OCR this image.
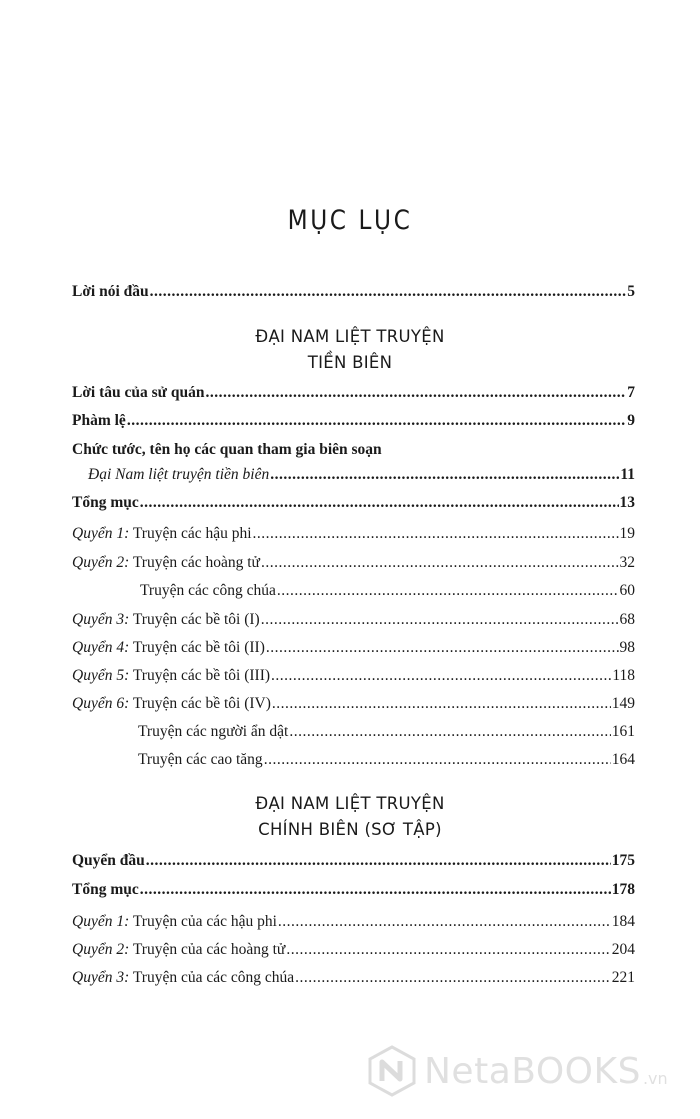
MỤC LỤC
Lời nói đầu .....	5
ĐẠI NAM LIỆT TRUYỆN
TIỀN BIÊN
Lời tâu của sử quán .....	7
Phàm lệ .....	9
Chức tước, tên họ các quan tham gia biên soạn
Đại Nam liệt truyện tiền biên .....	11
Tổng mục .....	13
Quyển 1: Truyện các hậu phi .....	19
Quyển 2: Truyện các hoàng tử .....	32
Truyện các công chúa .....	60
Quyển 3: Truyện các bề tôi (I) .....	68
Quyển 4: Truyện các bề tôi (II) .....	98
Quyển 5: Truyện các bề tôi (III) .....	118
Quyển 6: Truyện các bề tôi (IV) .....	149
Truyện các người ẩn dật .....	161
Truyện các cao tăng .....	164
ĐẠI NAM LIỆT TRUYỆN
CHÍNH BIÊN (SƠ TẬP)
Quyển đầu .....	175
Tổng mục .....	178
Quyển 1: Truyện của các hậu phi .....	184
Quyển 2: Truyện của các hoàng tử .....	204
Quyển 3: Truyện của các công chúa .....	221
NetaBOOKS .vn
